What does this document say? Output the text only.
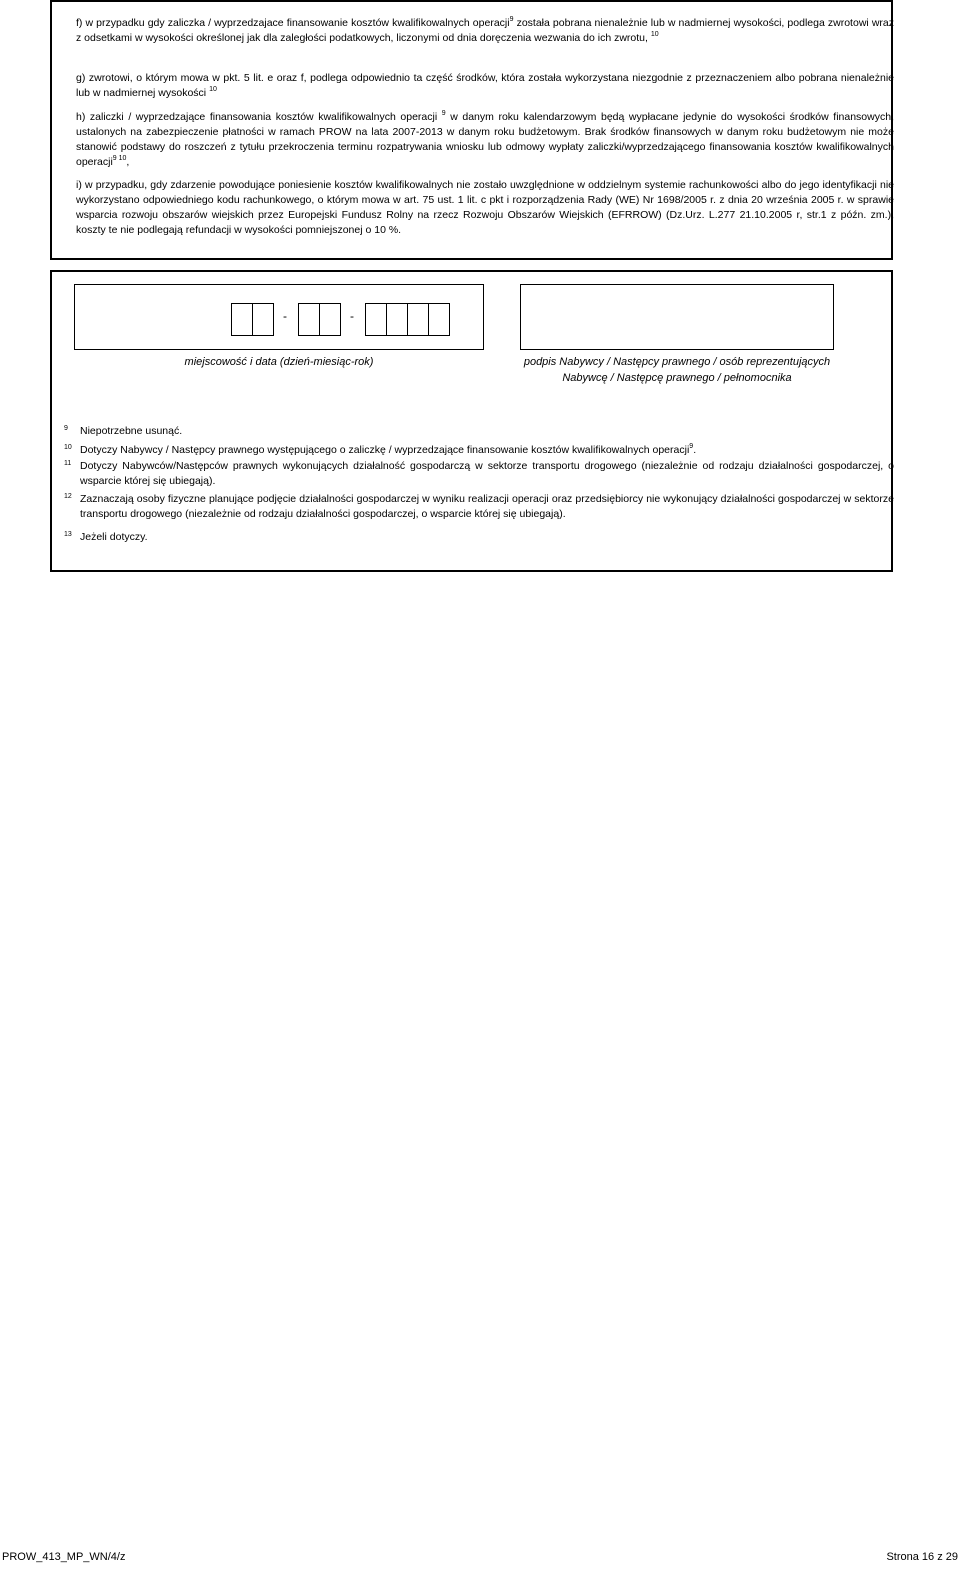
f) w przypadku gdy zaliczka / wyprzedzajace finansowanie kosztów kwalifikowalnych operacji$^9$ została pobrana nienależnie lub w nadmiernej wysokości, podlega zwrotowi wraz z odsetkami w wysokości określonej jak dla zaległości podatkowych, liczonymi od dnia doręczenia wezwania do ich zwrotu, $^{10}$
g) zwrotowi, o którym mowa w pkt. 5 lit. e oraz f, podlega odpowiednio ta część środków, która została wykorzystana niezgodnie z przeznaczeniem albo pobrana nienależnie lub w nadmiernej wysokości $^{10}$
h) zaliczki / wyprzedzające finansowania kosztów kwalifikowalnych operacji $^9$ w danym roku kalendarzowym będą wypłacane jedynie do wysokości środków finansowych, ustalonych na zabezpieczenie płatności w ramach PROW na lata 2007-2013 w danym roku budżetowym. Brak środków finansowych w danym roku budżetowym nie może stanowić podstawy do roszczeń z tytułu przekroczenia terminu rozpatrywania wniosku lub odmowy wypłaty zaliczki/wyprzedzającego finansowania kosztów kwalifikowalnych operacji$^{9 10}$,
i) w przypadku, gdy zdarzenie powodujące poniesienie kosztów kwalifikowalnych nie zostało uwzględnione w oddzielnym systemie rachunkowości albo do jego identyfikacji nie wykorzystano odpowiedniego kodu rachunkowego, o którym mowa w art. 75 ust. 1 lit. c pkt i rozporządzenia Rady (WE) Nr 1698/2005 r. z dnia 20 września 2005 r. w sprawie wsparcia rozwoju obszarów wiejskich przez Europejski Fundusz Rolny na rzecz Rozwoju Obszarów Wiejskich (EFRROW) (Dz.Urz. L.277 21.10.2005 r, str.1 z późn. zm.), koszty te nie podlegają refundacji w wysokości pomniejszonej o 10 %.
-	-
miejscowość i data (dzień-miesiąc-rok)	podpis Nabywcy / Następcy prawnego / osób reprezentujących Nabywcę / Następcę prawnego / pełnomocnika
9	Niepotrzebne usunąć.
10 Dotyczy Nabywcy / Następcy prawnego występującego o zaliczkę / wyprzedzające finansowanie kosztów kwalifikowalnych operacji$^9$.
11 Dotyczy Nabywców/Następców prawnych wykonujących działalność gospodarczą w sektorze transportu drogowego (niezależnie od rodzaju działalności gospodarczej, o wsparcie której się ubiegają).
12 Zaznaczają osoby fizyczne planujące podjęcie działalności gospodarczej w wyniku realizacji operacji oraz przedsiębiorcy nie wykonujący działalności gospodarczej w sektorze transportu drogowego (niezależnie od rodzaju działalności gospodarczej, o wsparcie której się ubiegają).
13 Jeżeli dotyczy.
PROW_413_MP_WN/4/z	Strona 16 z 29
